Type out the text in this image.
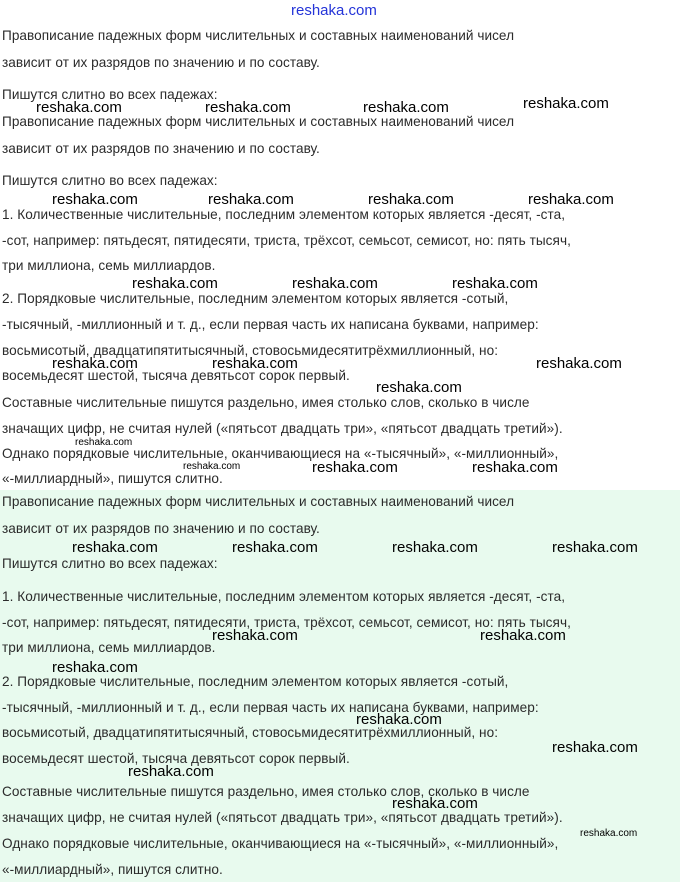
reshaka.com
Правописание падежных форм числительных и составных наименований чисел
зависит от их разрядов по значению и по составу.
Пишутся слитно во всех падежах:
Правописание падежных форм числительных и составных наименований чисел
зависит от их разрядов по значению и по составу.
Пишутся слитно во всех падежах:
1. Количественные числительные, последним элементом которых является -десят, -ста,
-сот, например: пятьдесят, пятидесяти, триста, трёхсот, семьсот, семисот, но: пять тысяч,
три миллиона, семь миллиардов.
2. Порядковые числительные, последним элементом которых является -сотый,
-тысячный, -миллионный и т. д., если первая часть их написана буквами, например:
восьмисотый, двадцатипятитысячный, стовосьмидесятитрёхмиллионный, но:
восемьдесят шестой, тысяча девятьсот сорок первый.
Составные числительные пишутся раздельно, имея столько слов, сколько в числе
значащих цифр, не считая нулей («пятьсот двадцать три», «пятьсот двадцать третий»).
Однако порядковые числительные, оканчивающиеся на «-тысячный», «-миллионный»,
«-миллиардный», пишутся слитно.
Правописание падежных форм числительных и составных наименований чисел
зависит от их разрядов по значению и по составу.
Пишутся слитно во всех падежах:
1. Количественные числительные, последним элементом которых является -десят, -ста,
-сот, например: пятьдесят, пятидесяти, триста, трёхсот, семьсот, семисот, но: пять тысяч,
три миллиона, семь миллиардов.
2. Порядковые числительные, последним элементом которых является -сотый,
-тысячный, -миллионный и т. д., если первая часть их написана буквами, например:
восьмисотый, двадцатипятитысячный, стовосьмидесятитрёхмиллионный, но:
восемьдесят шестой, тысяча девятьсот сорок первый.
Составные числительные пишутся раздельно, имея столько слов, сколько в числе
значащих цифр, не считая нулей («пятьсот двадцать три», «пятьсот двадцать третий»).
Однако порядковые числительные, оканчивающиеся на «-тысячный», «-миллионный»,
«-миллиардный», пишутся слитно.
reshaka.com	reshaka.com	reshaka.com	reshaka.com
reshaka.com	reshaka.com	reshaka.com	reshaka.com
reshaka.com	reshaka.com	reshaka.com
reshaka.com	reshaka.com	reshaka.com
reshaka.com
reshaka.com
reshaka.com	reshaka.com	reshaka.com
reshaka.com	reshaka.com	reshaka.com	reshaka.com
reshaka.com	reshaka.com
reshaka.com
reshaka.com
reshaka.com
reshaka.com
reshaka.com
reshaka.com
